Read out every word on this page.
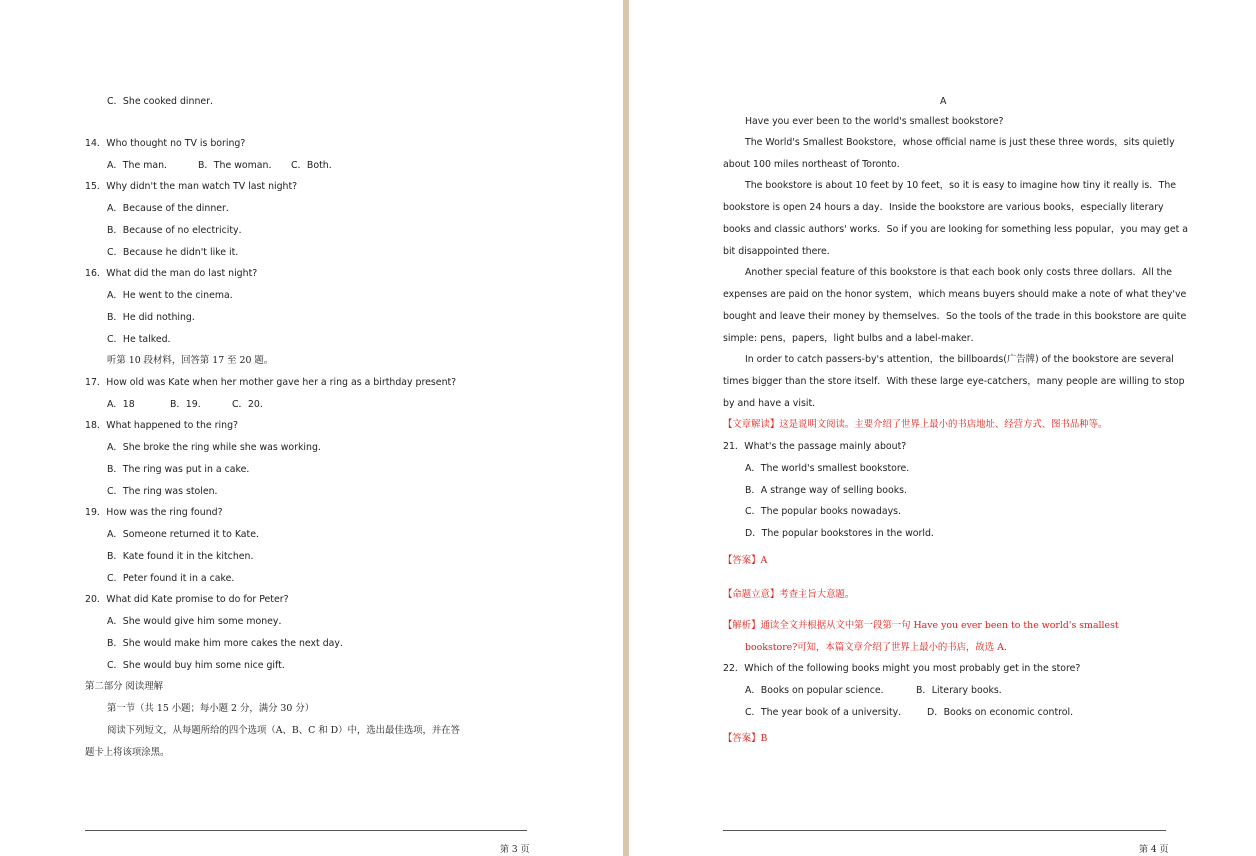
C．She cooked dinner．
14．Who thought no TV is boring?
A．The man．	B．The woman． C．Both．
15．Why didn't the man watch TV last night?
A．Because of the dinner．
B．Because of no electricity．
C．Because he didn't like it．
16．What did the man do last night?
A．He went to the cinema．
B．He did nothing．
C．He talked．
听第 10 段材料，回答第 17 至 20 题。
17．How old was Kate when her mother gave her a ring as a birthday present?
A．18	B．19．	C．20．
18．What happened to the ring?
A．She broke the ring while she was working．
B．The ring was put in a cake．
C．The ring was stolen．
19．How was the ring found?
A．Someone returned it to Kate．
B．Kate found it in the kitchen．
C．Peter found it in a cake．
20．What did Kate promise to do for Peter?
A．She would give him some money．
B．She would make him more cakes the next day．
C．She would buy him some nice gift．
第二部分 阅读理解
第一节（共 15 小题；每小题 2 分，满分 30 分）
阅读下列短文，从每题所给的四个选项（A、B、C 和 D）中，选出最佳选项，并在答
题卡上将该项涂黑。
第 3 页
A
Have you ever been to the world's smallest bookstore?
The World's Smallest Bookstore，whose official name is just these three words，sits quietly
about 100 miles northeast of Toronto．
The bookstore is about 10 feet by 10 feet，so it is easy to imagine how tiny it really is．The
bookstore is open 24 hours a day．Inside the bookstore are various books，especially literary
books and classic authors' works．So if you are looking for something less popular，you may get a
bit disappointed there．
Another special feature of this bookstore is that each book only costs three dollars．All the
expenses are paid on the honor system，which means buyers should make a note of what they've
bought and leave their money by themselves．So the tools of the trade in this bookstore are quite
simple: pens，papers，light bulbs and a label-maker．
In order to catch passers-by's attention，the billboards(广告牌) of the bookstore are several
times bigger than the store itself．With these large eye-catchers，many people are willing to stop
by and have a visit．
【文章解读】这是说明文阅读。主要介绍了世界上最小的书店地址、经营方式、图书品种等。
21．What's the passage mainly about?
A．The world's smallest bookstore．
B．A strange way of selling books．
C．The popular books nowadays．
D．The popular bookstores in the world．
【答案】A
【命题立意】考查主旨大意题。
【解析】通读全文并根据从文中第一段第一句 Have you ever been to the world's smallest
bookstore?可知，本篇文章介绍了世界上最小的书店，故选 A.
22．Which of the following books might you most probably get in the store?
A．Books on popular science．	B．Literary books．
C．The year book of a university． D．Books on economic control．
【答案】B
第 4 页
